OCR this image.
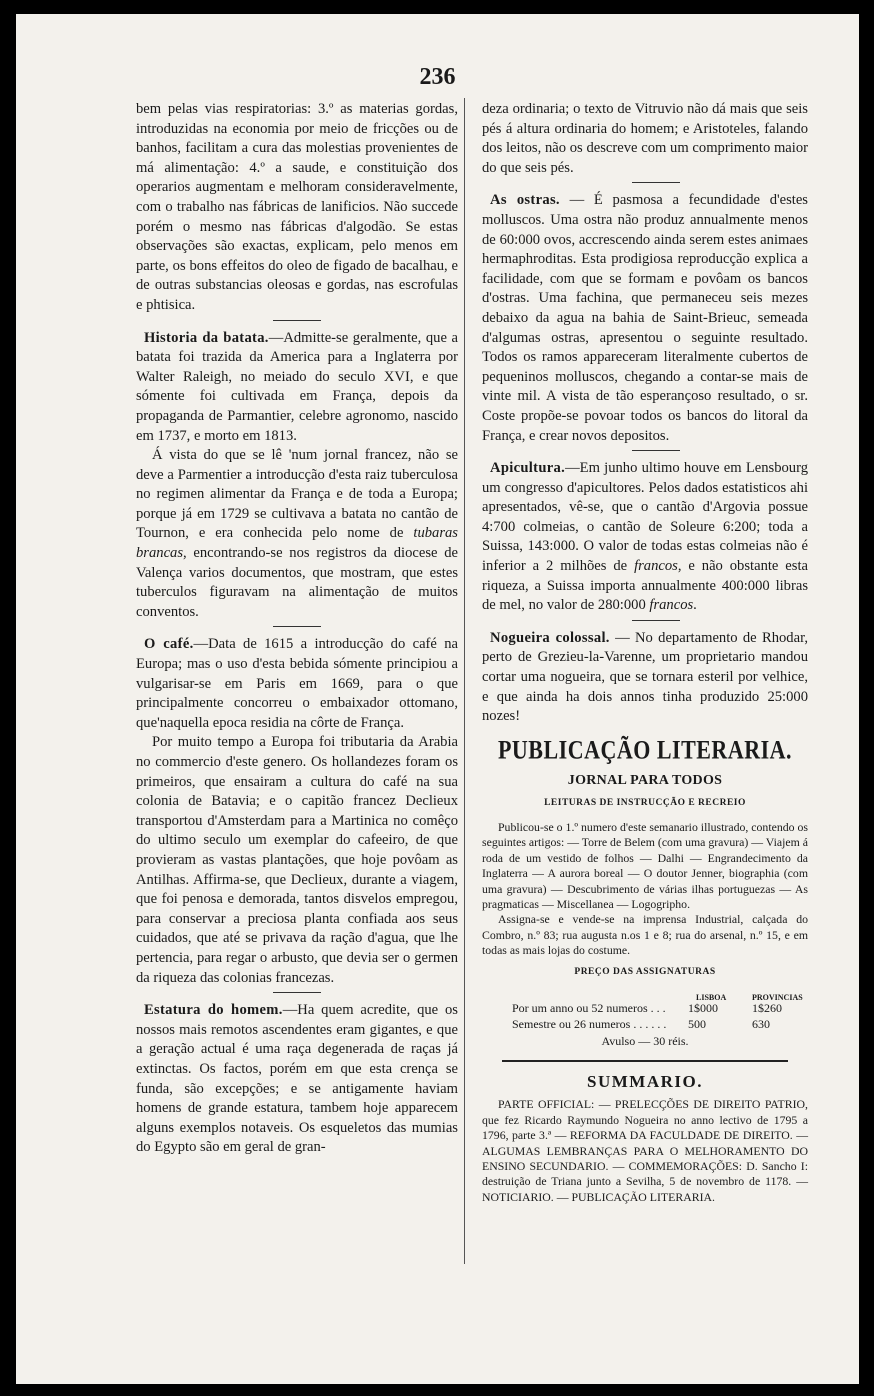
236

bem pelas vias respiratorias: 3.º as materias gordas, introduzidas na economia por meio de fricções ou de banhos, facilitam a cura das molestias provenientes de má alimentação: 4.º a saude, e constituição dos operarios augmentam e melhoram consideravelmente, com o trabalho nas fábricas de lanificios. Não succede porém o mesmo nas fábricas d'algodão. Se estas observações são exactas, explicam, pelo menos em parte, os bons effeitos do oleo de figado de bacalhau, e de outras substancias oleosas e gordas, nas escrofulas e phtisica.

Historia da batata.—Admitte-se geralmente, que a batata foi trazida da America para a Inglaterra por Walter Raleigh, no meiado do seculo XVI, e que sómente foi cultivada em França, depois da propaganda de Parmantier, celebre agronomo, nascido em 1737, e morto em 1813.

Á vista do que se lê 'num jornal francez, não se deve a Parmentier a introducção d'esta raiz tuberculosa no regimen alimentar da França e de toda a Europa; porque já em 1729 se cultivava a batata no cantão de Tournon, e era conhecida pelo nome de tubaras brancas, encontrando-se nos registros da diocese de Valença varios documentos, que mostram, que estes tuberculos figuravam na alimentação de muitos conventos.

O café.—Data de 1615 a introducção do café na Europa; mas o uso d'esta bebida sómente principiou a vulgarisar-se em Paris em 1669, para o que principalmente concorreu o embaixador ottomano, que'naquella epoca residia na côrte de França.

Por muito tempo a Europa foi tributaria da Arabia no commercio d'este genero. Os hollandezes foram os primeiros, que ensairam a cultura do café na sua colonia de Batavia; e o capitão francez Declieux transportou d'Amsterdam para a Martinica no comêço do ultimo seculo um exemplar do cafeeiro, de que provieram as vastas plantações, que hoje povôam as Antilhas. Affirma-se, que Declieux, durante a viagem, que foi penosa e demorada, tantos disvelos empregou, para conservar a preciosa planta confiada aos seus cuidados, que até se privava da ração d'agua, que lhe pertencia, para regar o arbusto, que devia ser o germen da riqueza das colonias francezas.

Estatura do homem.—Ha quem acredite, que os nossos mais remotos ascendentes eram gigantes, e que a geração actual é uma raça degenerada de raças já extinctas. Os factos, porém em que esta crença se funda, são excepções; e se antigamente haviam homens de grande estatura, tambem hoje apparecem alguns exemplos notaveis. Os esqueletos das mumias do Egypto são em geral de gran-

deza ordinaria; o texto de Vitruvio não dá mais que seis pés á altura ordinaria do homem; e Aristoteles, falando dos leitos, não os descreve com um comprimento maior do que seis pés.

As ostras. — É pasmosa a fecundidade d'estes molluscos. Uma ostra não produz annualmente menos de 60:000 ovos, accrescendo ainda serem estes animaes hermaphroditas. Esta prodigiosa reproducção explica a facilidade, com que se formam e povôam os bancos d'ostras. Uma fachina, que permaneceu seis mezes debaixo da agua na bahia de Saint-Brieuc, semeada d'algumas ostras, apresentou o seguinte resultado. Todos os ramos appareceram literalmente cubertos de pequeninos molluscos, chegando a contar-se mais de vinte mil. A vista de tão esperançoso resultado, o sr. Coste propõe-se povoar todos os bancos do litoral da França, e crear novos depositos.

Apicultura.—Em junho ultimo houve em Lensbourg um congresso d'apicultores. Pelos dados estatisticos ahi apresentados, vê-se, que o cantão d'Argovia possue 4:700 colmeias, o cantão de Soleure 6:200; toda a Suissa, 143:000. O valor de todas estas colmeias não é inferior a 2 milhões de francos, e não obstante esta riqueza, a Suissa importa annualmente 400:000 libras de mel, no valor de 280:000 francos.

Nogueira colossal. — No departamento de Rhodar, perto de Grezieu-la-Varenne, um proprietario mandou cortar uma nogueira, que se tornara esteril por velhice, e que ainda ha dois annos tinha produzido 25:000 nozes!

PUBLICAÇÃO LITERARIA.
JORNAL PARA TODOS
LEITURAS DE INSTRUCÇÃO E RECREIO

Publicou-se o 1.º numero d'este semanario illustrado, contendo os seguintes artigos: — Torre de Belem (com uma gravura) — Viajem á roda de um vestido de folhos — Dalhi — Engrandecimento da Inglaterra — A aurora boreal — O doutor Jenner, biographia (com uma gravura) — Descubrimento de várias ilhas portuguezas — As pragmaticas — Miscellanea — Logogripho.

Assigna-se e vende-se na imprensa Industrial, calçada do Combro, n.º 83; rua augusta n.os 1 e 8; rua do arsenal, n.º 15, e em todas as mais lojas do costume.

PREÇO DAS ASSIGNATURAS
LISBOA	PROVINCIAS
Por um anno ou 52 numeros . . . 1$000	1$260
Semestre ou 26 numeros . . . . . . 500	630
Avulso — 30 réis.
SUMMARIO.

PARTE OFFICIAL: — PRELECÇÕES DE DIREITO PATRIO, que fez Ricardo Raymundo Nogueira no anno lectivo de 1795 a 1796, parte 3.ª — REFORMA DA FACULDADE DE DIREITO. — ALGUMAS LEMBRANÇAS PARA O MELHORAMENTO DO ENSINO SECUNDARIO. — COMMEMORAÇÕES: D. Sancho I: destruição de Triana junto a Sevilha, 5 de novembro de 1178. — NOTICIARIO. — PUBLICAÇÃO LITERARIA.
